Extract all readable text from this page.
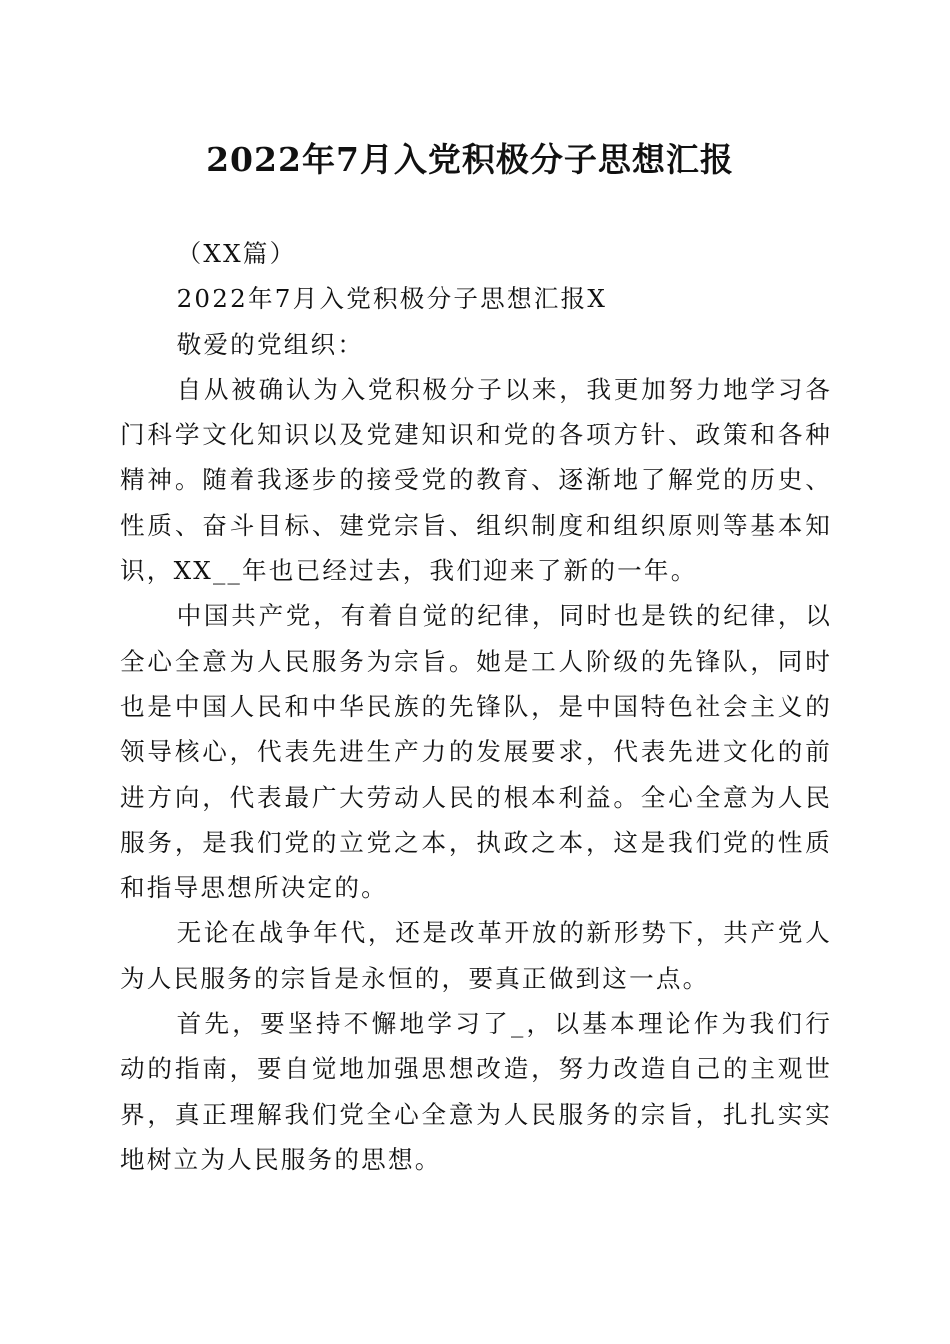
2022年7月入党积极分子思想汇报

（XX篇）

2022年7月入党积极分子思想汇报X

敬爱的党组织：

自从被确认为入党积极分子以来，我更加努力地学习各门科学文化知识以及党建知识和党的各项方针、政策和各种精神。随着我逐步的接受党的教育、逐渐地了解党的历史、性质、奋斗目标、建党宗旨、组织制度和组织原则等基本知识，XX__年也已经过去，我们迎来了新的一年。

中国共产党，有着自觉的纪律，同时也是铁的纪律，以全心全意为人民服务为宗旨。她是工人阶级的先锋队，同时也是中国人民和中华民族的先锋队，是中国特色社会主义的领导核心，代表先进生产力的发展要求，代表先进文化的前进方向，代表最广大劳动人民的根本利益。全心全意为人民服务，是我们党的立党之本，执政之本，这是我们党的性质和指导思想所决定的。

无论在战争年代，还是改革开放的新形势下，共产党人为人民服务的宗旨是永恒的，要真正做到这一点。

首先，要坚持不懈地学习了_，以基本理论作为我们行动的指南，要自觉地加强思想改造，努力改造自己的主观世界，真正理解我们党全心全意为人民服务的宗旨，扎扎实实地树立为人民服务的思想。
